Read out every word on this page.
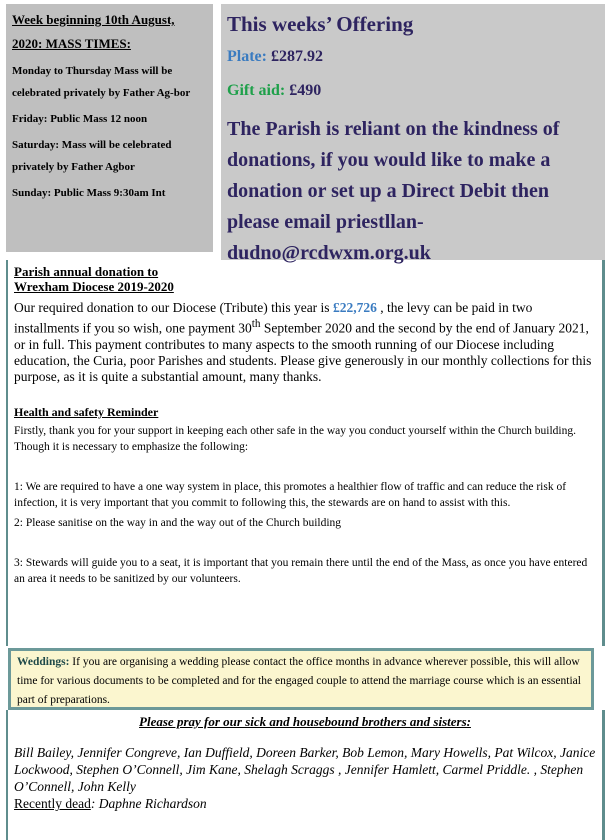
Week beginning 10th August,
2020: MASS TIMES:

Monday to Thursday Mass will be celebrated privately by Father Ag-bor

Friday: Public Mass 12 noon

Saturday: Mass will be celebrated privately by Father Agbor

Sunday: Public Mass 9:30am Int

This weeks’ Offering
Plate: £287.92
Gift aid: £490
The Parish is reliant on the kindness of donations, if you would like to make a donation or set up a Direct Debit then please email priestllan-dudno@rcdwxm.org.uk
Parish annual donation to
Wrexham Diocese 2019-2020
Our required donation to our Diocese (Tribute) this year is £22,726 , the levy can be paid in two installments if you so wish, one payment 30th September 2020 and the second by the end of January 2021, or in full. This payment contributes to many aspects to the smooth running of our Diocese including education, the Curia, poor Parishes and students. Please give generously in our monthly collections for this purpose, as it is quite a substantial amount, many thanks.
Health and safety Reminder
Firstly, thank you for your support in keeping each other safe in the way you conduct yourself within the Church building. Though it is necessary to emphasize the following:
1: We are required to have a one way system in place, this promotes a healthier flow of traffic and can reduce the risk of infection, it is very important that you commit to following this, the stewards are on hand to assist with this.
2: Please sanitise on the way in and the way out of the Church building
3: Stewards will guide you to a seat, it is important that you remain there until the end of the Mass, as once you have entered an area it needs to be sanitized by our volunteers.
Weddings: If you are organising a wedding please contact the office months in advance wherever possible, this will allow time for various documents to be completed and for the engaged couple to attend the marriage course which is an essential part of preparations.
Please pray for our sick and housebound brothers and sisters:
Bill Bailey, Jennifer Congreve, Ian Duffield, Doreen Barker, Bob Lemon, Mary Howells, Pat Wilcox, Janice Lockwood, Stephen O’Connell, Jim Kane, Shelagh Scraggs , Jennifer Hamlett, Carmel Priddle. , Stephen O’Connell, John Kelly
Recently dead: Daphne Richardson
